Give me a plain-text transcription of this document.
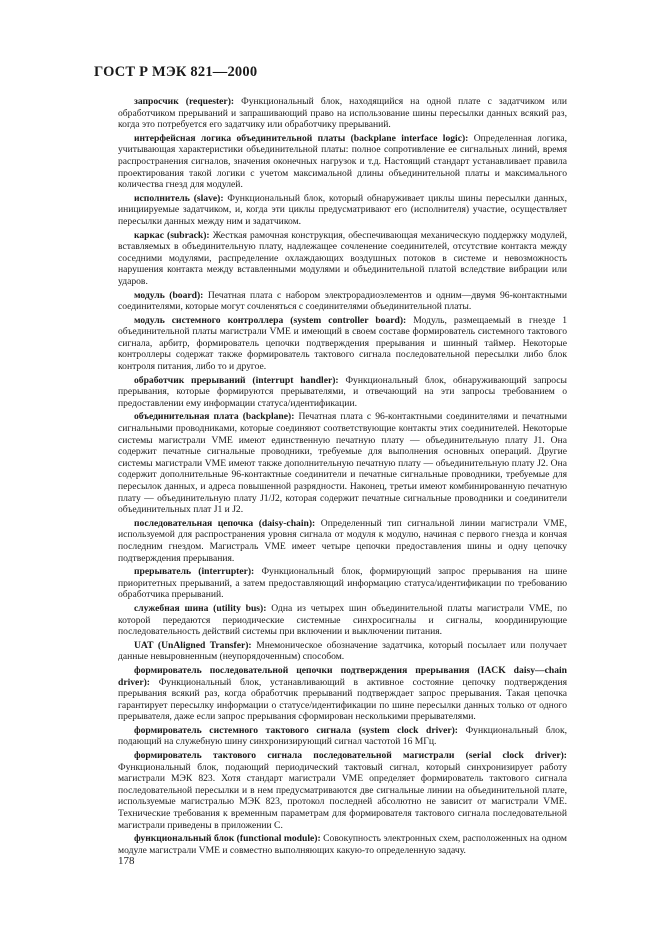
ГОСТ Р МЭК 821—2000

запросчик (requester): Функциональный блок, находящийся на одной плате с задатчиком или обработчиком прерываний и запрашивающий право на использование шины пересылки данных всякий раз, когда это потребуется его задатчику или обработчику прерываний.

интерфейсная логика объединительной платы (backplane interface logic): Определенная логика, учитывающая характеристики объединительной платы: полное сопротивление ее сигнальных линий, время распространения сигналов, значения оконечных нагрузок и т.д. Настоящий стандарт устанавливает правила проектирования такой логики с учетом максимальной длины объединительной платы и максимального количества гнезд для модулей.

исполнитель (slave): Функциональный блок, который обнаруживает циклы шины пересылки данных, инициируемые задатчиком, и, когда эти циклы предусматривают его (исполнителя) участие, осуществляет пересылки данных между ним и задатчиком.

каркас (subrack): Жесткая рамочная конструкция, обеспечивающая механическую поддержку модулей, вставляемых в объединительную плату, надлежащее сочленение соединителей, отсутствие контакта между соседними модулями, распределение охлаждающих воздушных потоков в системе и невозможность нарушения контакта между вставленными модулями и объединительной платой вследствие вибрации или ударов.

модуль (board): Печатная плата с набором электрорадиоэлементов и одним—двумя 96-контактными соединителями, которые могут сочленяться с соединителями объединительной платы.

модуль системного контроллера (system controller board): Модуль, размещаемый в гнезде 1 объединительной платы магистрали VME и имеющий в своем составе формирователь системного тактового сигнала, арбитр, формирователь цепочки подтверждения прерывания и шинный таймер. Некоторые контроллеры содержат также формирователь тактового сигнала последовательной пересылки либо блок контроля питания, либо то и другое.

обработчик прерываний (interrupt handler): Функциональный блок, обнаруживающий запросы прерывания, которые формируются прерывателями, и отвечающий на эти запросы требованием о предоставлении ему информации статуса/идентификации.

объединительная плата (backplane): Печатная плата с 96-контактными соединителями и печатными сигнальными проводниками, которые соединяют соответствующие контакты этих соединителей. Некоторые системы магистрали VME имеют единственную печатную плату — объединительную плату J1. Она содержит печатные сигнальные проводники, требуемые для выполнения основных операций. Другие системы магистрали VME имеют также дополнительную печатную плату — объединительную плату J2. Она содержит дополнительные 96-контактные соединители и печатные сигнальные проводники, требуемые для пересылок данных, и адреса повышенной разрядности. Наконец, третьи имеют комбинированную печатную плату — объединительную плату J1/J2, которая содержит печатные сигнальные проводники и соединители объединительных плат J1 и J2.

последовательная цепочка (daisy-chain): Определенный тип сигнальной линии магистрали VME, используемой для распространения уровня сигнала от модуля к модулю, начиная с первого гнезда и кончая последним гнездом. Магистраль VME имеет четыре цепочки предоставления шины и одну цепочку подтверждения прерывания.

прерыватель (interrupter): Функциональный блок, формирующий запрос прерывания на шине приоритетных прерываний, а затем предоставляющий информацию статуса/идентификации по требованию обработчика прерываний.

служебная шина (utility bus): Одна из четырех шин объединительной платы магистрали VME, по которой передаются периодические системные синхросигналы и сигналы, координирующие последовательность действий системы при включении и выключении питания.

UAT (UnAligned Transfer): Мнемоническое обозначение задатчика, который посылает или получает данные невыровненным (неупорядоченным) способом.

формирователь последовательной цепочки подтверждения прерывания (IACK daisy—chain driver): Функциональный блок, устанавливающий в активное состояние цепочку подтверждения прерывания всякий раз, когда обработчик прерываний подтверждает запрос прерывания. Такая цепочка гарантирует пересылку информации о статусе/идентификации по шине пересылки данных только от одного прерывателя, даже если запрос прерывания сформирован несколькими прерывателями.

формирователь системного тактового сигнала (system clock driver): Функциональный блок, подающий на служебную шину синхронизирующий сигнал частотой 16 МГц.

формирователь тактового сигнала последовательной магистрали (serial clock driver): Функциональный блок, подающий периодический тактовый сигнал, который синхронизирует работу магистрали МЭК 823. Хотя стандарт магистрали VME определяет формирователь тактового сигнала последовательной пересылки и в нем предусматриваются две сигнальные линии на объединительной плате, используемые магистралью МЭК 823, протокол последней абсолютно не зависит от магистрали VME. Технические требования к временным параметрам для формирователя тактового сигнала последовательной магистрали приведены в приложении С.

функциональный блок (functional module): Совокупность электронных схем, расположенных на одном модуле магистрали VME и совместно выполняющих какую-то определенную задачу.

178
